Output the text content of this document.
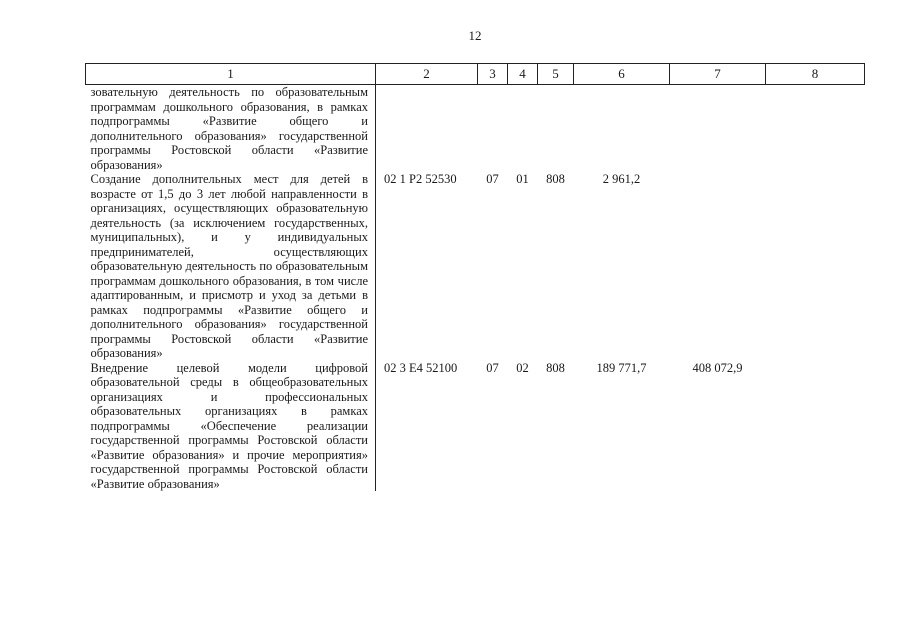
12
1	2	3	4	5	6	7	8
зовательную деятельность по образовательным программам дошкольного образования, в рамках подпрограммы «Развитие общего и дополнительного образования» государственной программы Ростовской области «Развитие образования»							
Создание дополнительных мест для детей в возрасте от 1,5 до 3 лет любой направленности в организациях, осуществляющих образовательную деятельность (за исключением государственных, муниципальных), и у индивидуальных предпринимателей, осуществляющих образовательную деятельность по образовательным программам дошкольного образования, в том числе адаптированным, и присмотр и уход за детьми в рамках подпрограммы «Развитие общего и дополнительного образования» государственной программы Ростовской области «Развитие образования»	02 1 P2 52530	07	01	808	2 961,2		
Внедрение целевой модели цифровой образовательной среды в общеобразовательных организациях и профессиональных образовательных организациях в рамках подпрограммы «Обеспечение реализации государственной программы Ростовской области «Развитие образования» и прочие мероприятия» государственной программы Ростовской области «Развитие образования»	02 3 E4 52100	07	02	808	189 771,7	408 072,9	
